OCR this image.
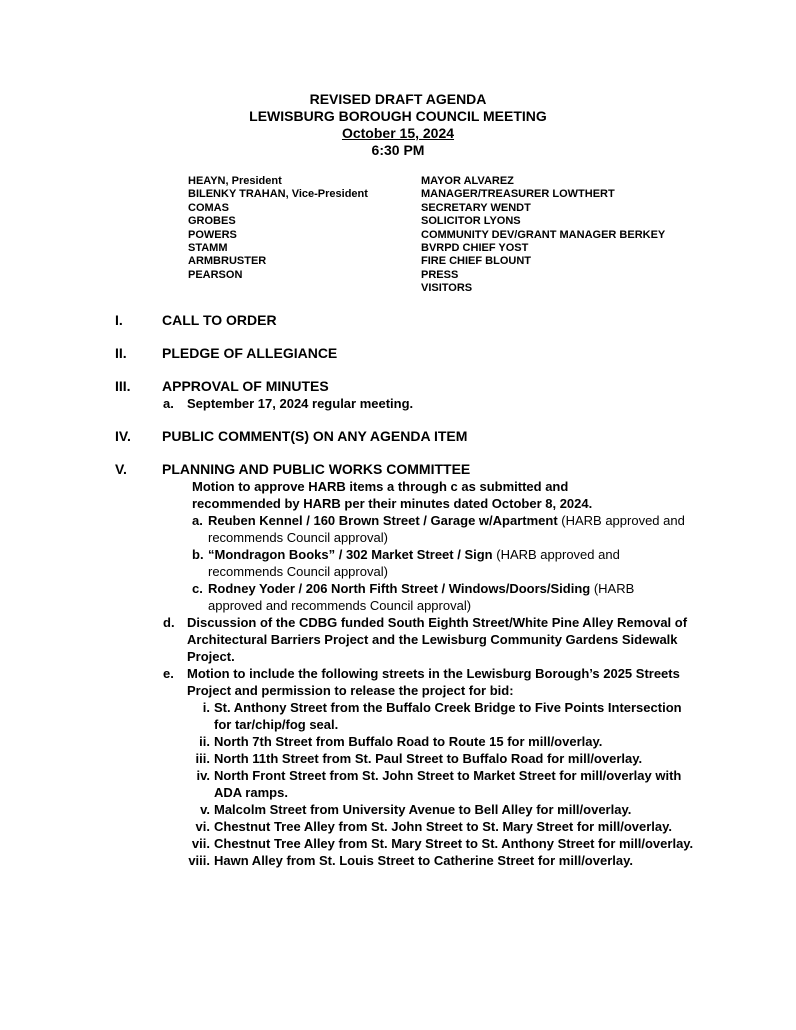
REVISED DRAFT AGENDA
LEWISBURG BOROUGH COUNCIL MEETING
October 15, 2024
6:30 PM
HEAYN, President
BILENKY TRAHAN, Vice-President
COMAS
GROBES
POWERS
STAMM
ARMBRUSTER
PEARSON
MAYOR ALVAREZ
MANAGER/TREASURER LOWTHERT
SECRETARY WENDT
SOLICITOR LYONS
COMMUNITY DEV/GRANT MANAGER BERKEY
BVRPD CHIEF YOST
FIRE CHIEF BLOUNT
PRESS
VISITORS
I.	CALL TO ORDER
II.	PLEDGE OF ALLEGIANCE
III.	APPROVAL OF MINUTES
a.	September 17, 2024 regular meeting.
IV.	PUBLIC COMMENT(S) ON ANY AGENDA ITEM
V.	PLANNING AND PUBLIC WORKS COMMITTEE
Motion to approve HARB items a through c as submitted and recommended by HARB per their minutes dated October 8, 2024.
a. Reuben Kennel / 160 Brown Street / Garage w/Apartment (HARB approved and recommends Council approval)
b. “Mondragon Books” / 302 Market Street / Sign (HARB approved and recommends Council approval)
c. Rodney Yoder / 206 North Fifth Street / Windows/Doors/Siding (HARB approved and recommends Council approval)
d. Discussion of the CDBG funded South Eighth Street/White Pine Alley Removal of Architectural Barriers Project and the Lewisburg Community Gardens Sidewalk Project.
e.	Motion to include the following streets in the Lewisburg Borough’s 2025 Streets Project and permission to release the project for bid:
i. St. Anthony Street from the Buffalo Creek Bridge to Five Points Intersection for tar/chip/fog seal.
ii. North 7th Street from Buffalo Road to Route 15 for mill/overlay.
iii. North 11th Street from St. Paul Street to Buffalo Road for mill/overlay.
iv. North Front Street from St. John Street to Market Street for mill/overlay with ADA ramps.
v. Malcolm Street from University Avenue to Bell Alley for mill/overlay.
vi. Chestnut Tree Alley from St. John Street to St. Mary Street for mill/overlay.
vii. Chestnut Tree Alley from St. Mary Street to St. Anthony Street for mill/overlay.
viii. Hawn Alley from St. Louis Street to Catherine Street for mill/overlay.
